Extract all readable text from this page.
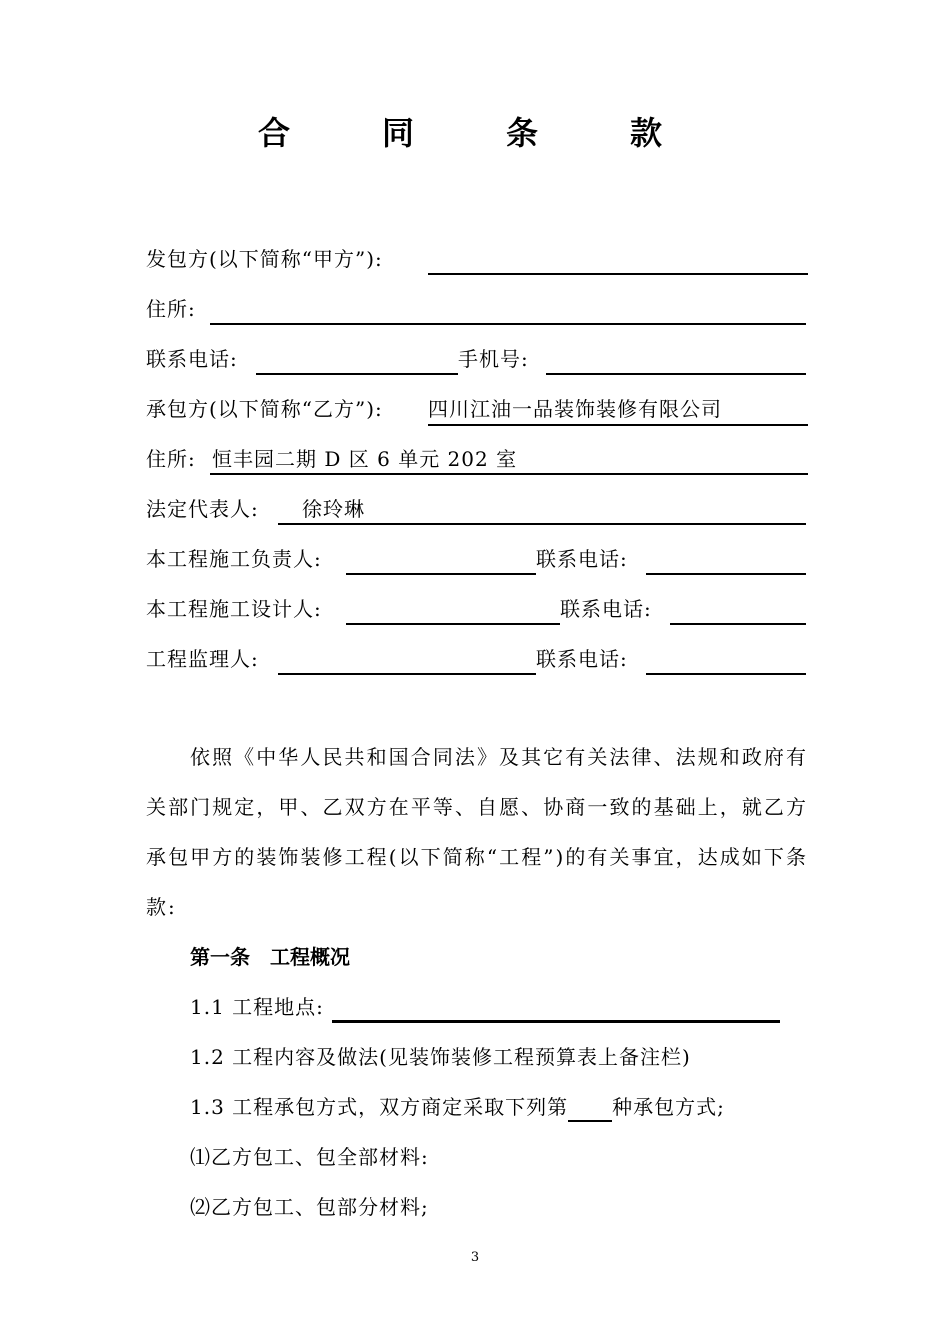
合　同　条　款
发包方(以下简称“甲方”):
住所:
联系电话:	手机号:
承包方(以下简称“乙方”): 四川江油一品装饰装修有限公司
住所: 恒丰园二期 D 区 6 单元 202 室
法定代表人: 徐玲琳
本工程施工负责人:	联系电话:
本工程施工设计人:	联系电话:
工程监理人:	联系电话:

依照《中华人民共和国合同法》及其它有关法律、法规和政府有关部门规定，甲、乙双方在平等、自愿、协商一致的基础上，就乙方承包甲方的装饰装修工程(以下简称“工程”)的有关事宜，达成如下条款:

第一条　工程概况
1.1 工程地点:
1.2 工程内容及做法(见装饰装修工程预算表上备注栏)
1.3 工程承包方式，双方商定采取下列第 种承包方式;
⑴乙方包工、包全部材料:
⑵乙方包工、包部分材料;
3
